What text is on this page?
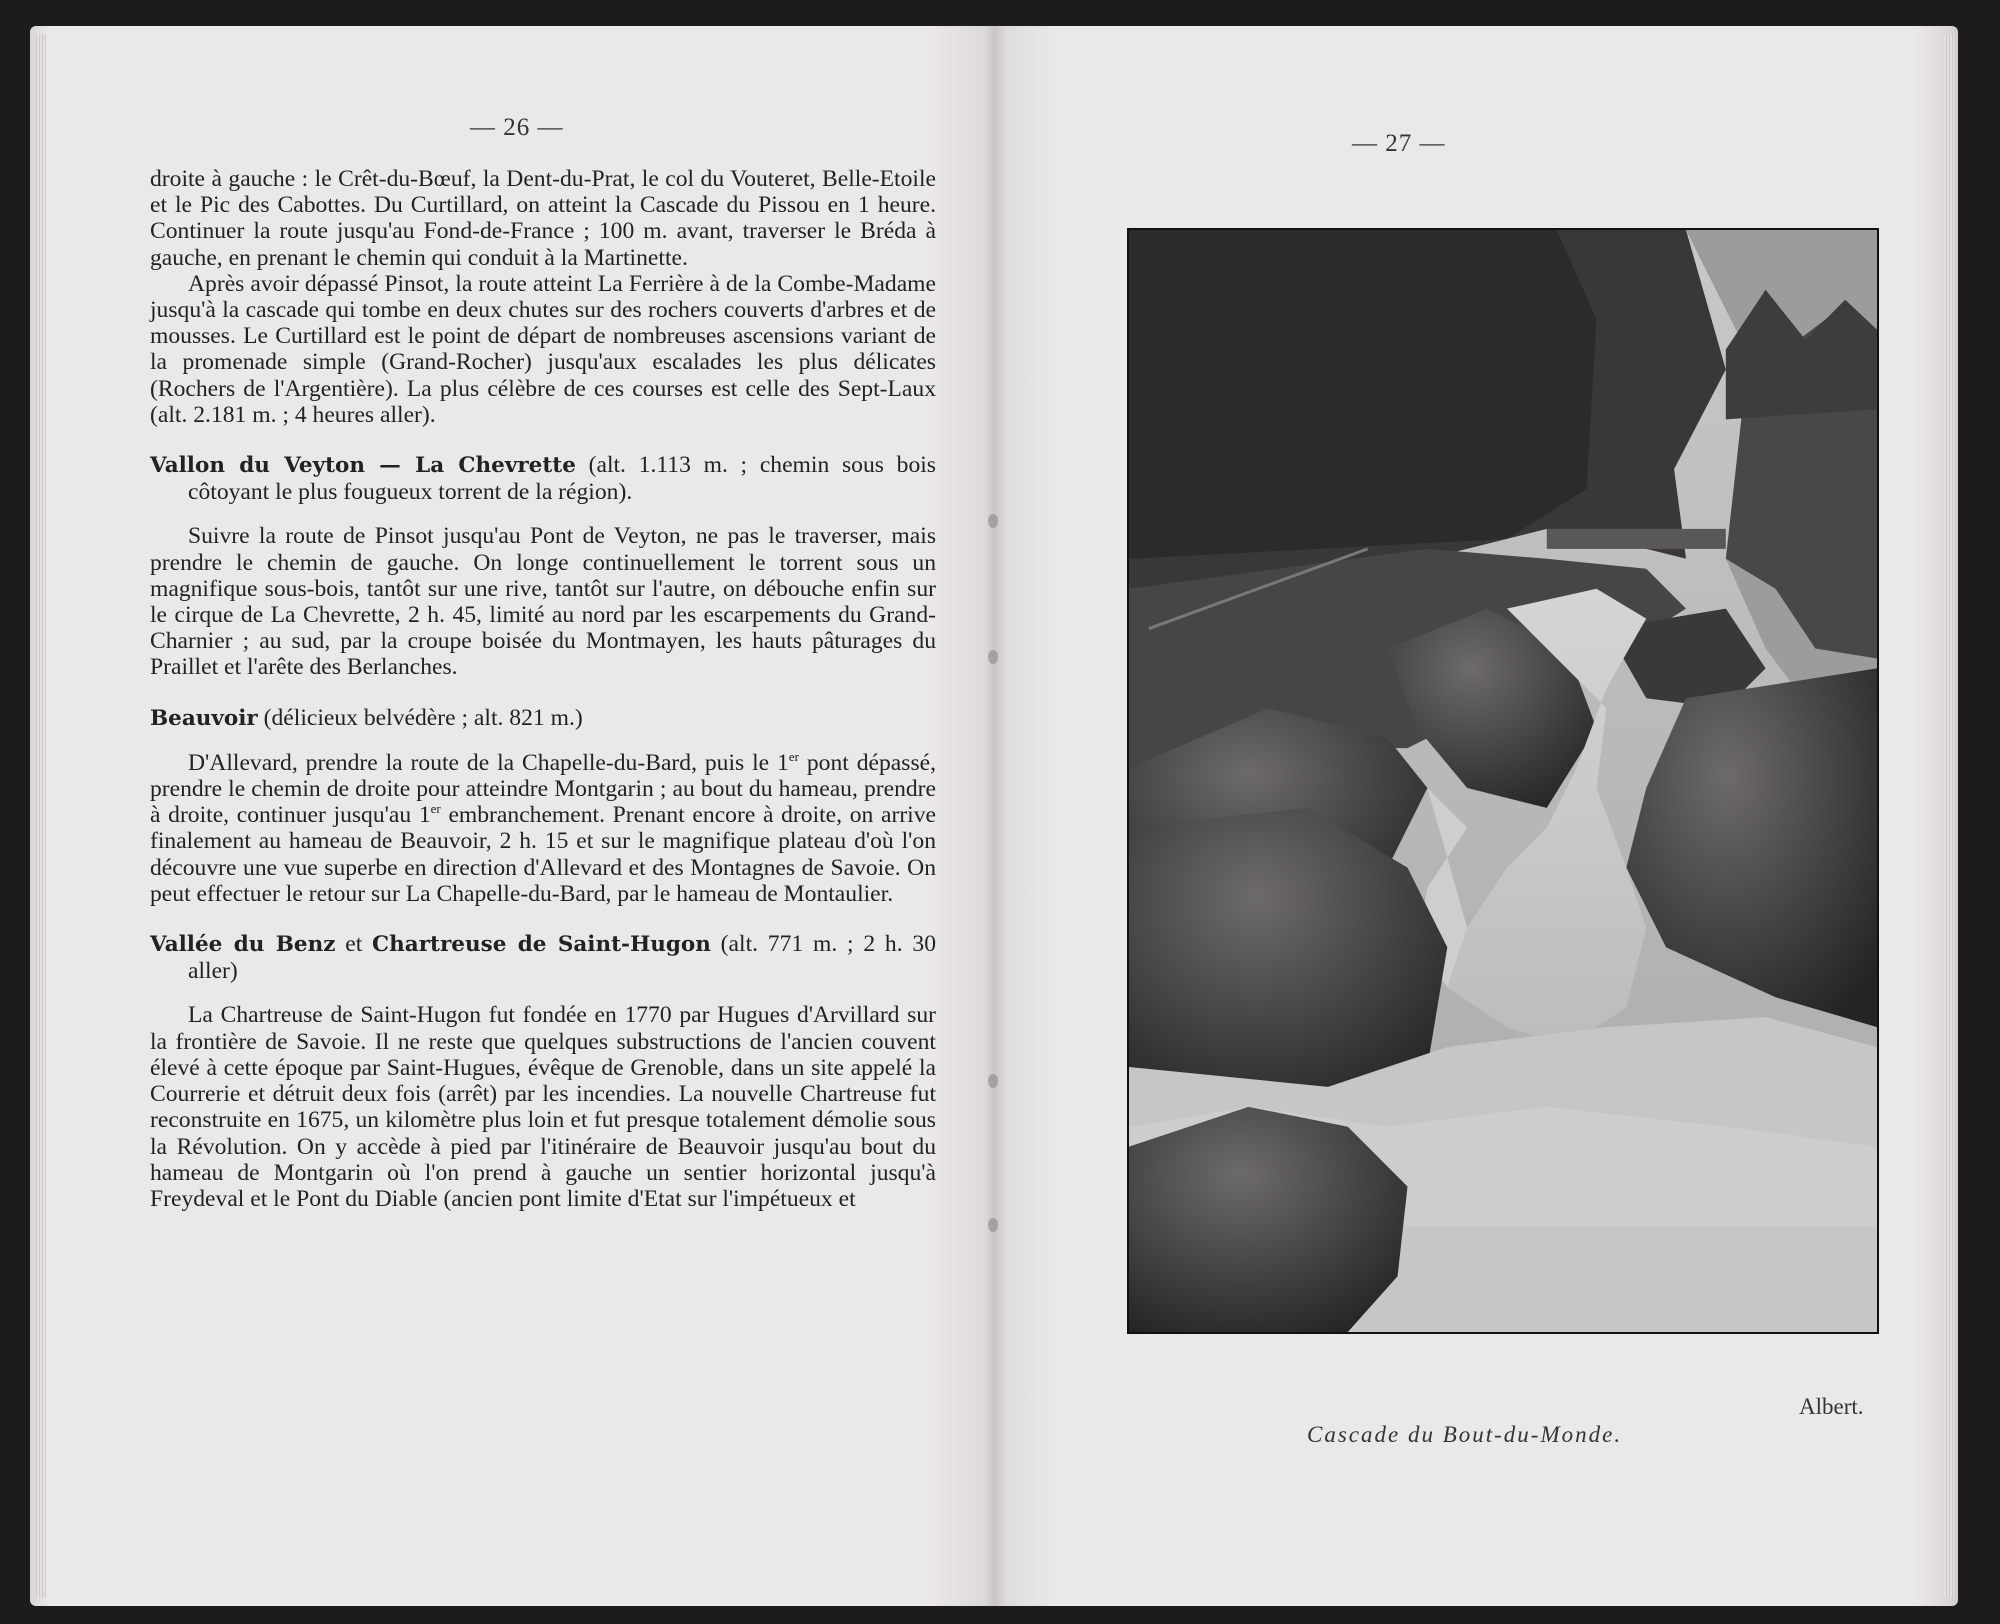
— 26 —

droite à gauche : le Crêt-du-Bœuf, la Dent-du-Prat, le col du Vouteret, Belle-Etoile et le Pic des Cabottes. Du Curtillard, on atteint la Cascade du Pissou en 1 heure. Continuer la route jusqu'au Fond-de-France ; 100 m. avant, traverser le Bréda à gauche, en prenant le chemin qui conduit à la Martinette.

Après avoir dépassé Pinsot, la route atteint La Ferrière à de la Combe-Madame jusqu'à la cascade qui tombe en deux chutes sur des rochers couverts d'arbres et de mousses. Le Curtillard est le point de départ de nombreuses ascensions variant de la promenade simple (Grand-Rocher) jusqu'aux escalades les plus délicates (Rochers de l'Argentière). La plus célèbre de ces courses est celle des Sept-Laux (alt. 2.181 m. ; 4 heures aller).

Vallon du Veyton — La Chevrette (alt. 1.113 m. ; chemin sous bois côtoyant le plus fougueux torrent de la région).

Suivre la route de Pinsot jusqu'au Pont de Veyton, ne pas le traverser, mais prendre le chemin de gauche. On longe continuellement le torrent sous un magnifique sous-bois, tantôt sur une rive, tantôt sur l'autre, on débouche enfin sur le cirque de La Chevrette, 2 h. 45, limité au nord par les escarpements du Grand-Charnier ; au sud, par la croupe boisée du Montmayen, les hauts pâturages du Praillet et l'arête des Berlanches.

Beauvoir (délicieux belvédère ; alt. 821 m.)

D'Allevard, prendre la route de la Chapelle-du-Bard, puis le 1er pont dépassé, prendre le chemin de droite pour atteindre Montgarin ; au bout du hameau, prendre à droite, continuer jusqu'au 1er embranchement. Prenant encore à droite, on arrive finalement au hameau de Beauvoir, 2 h. 15 et sur le magnifique plateau d'où l'on découvre une vue superbe en direction d'Allevard et des Montagnes de Savoie. On peut effectuer le retour sur La Chapelle-du-Bard, par le hameau de Montaulier.

Vallée du Benz et Chartreuse de Saint-Hugon (alt. 771 m. ; 2 h. 30 aller)

La Chartreuse de Saint-Hugon fut fondée en 1770 par Hugues d'Arvillard sur la frontière de Savoie. Il ne reste que quelques substructions de l'ancien couvent élevé à cette époque par Saint-Hugues, évêque de Grenoble, dans un site appelé la Courrerie et détruit deux fois (arrêt) par les incendies. La nouvelle Chartreuse fut reconstruite en 1675, un kilomètre plus loin et fut presque totalement démolie sous la Révolution. On y accède à pied par l'itinéraire de Beauvoir jusqu'au bout du hameau de Montgarin où l'on prend à gauche un sentier horizontal jusqu'à Freydeval et le Pont du Diable (ancien pont limite d'Etat sur l'impétueux et

— 27 —
Cascade du Bout-du-Monde.
Albert.
